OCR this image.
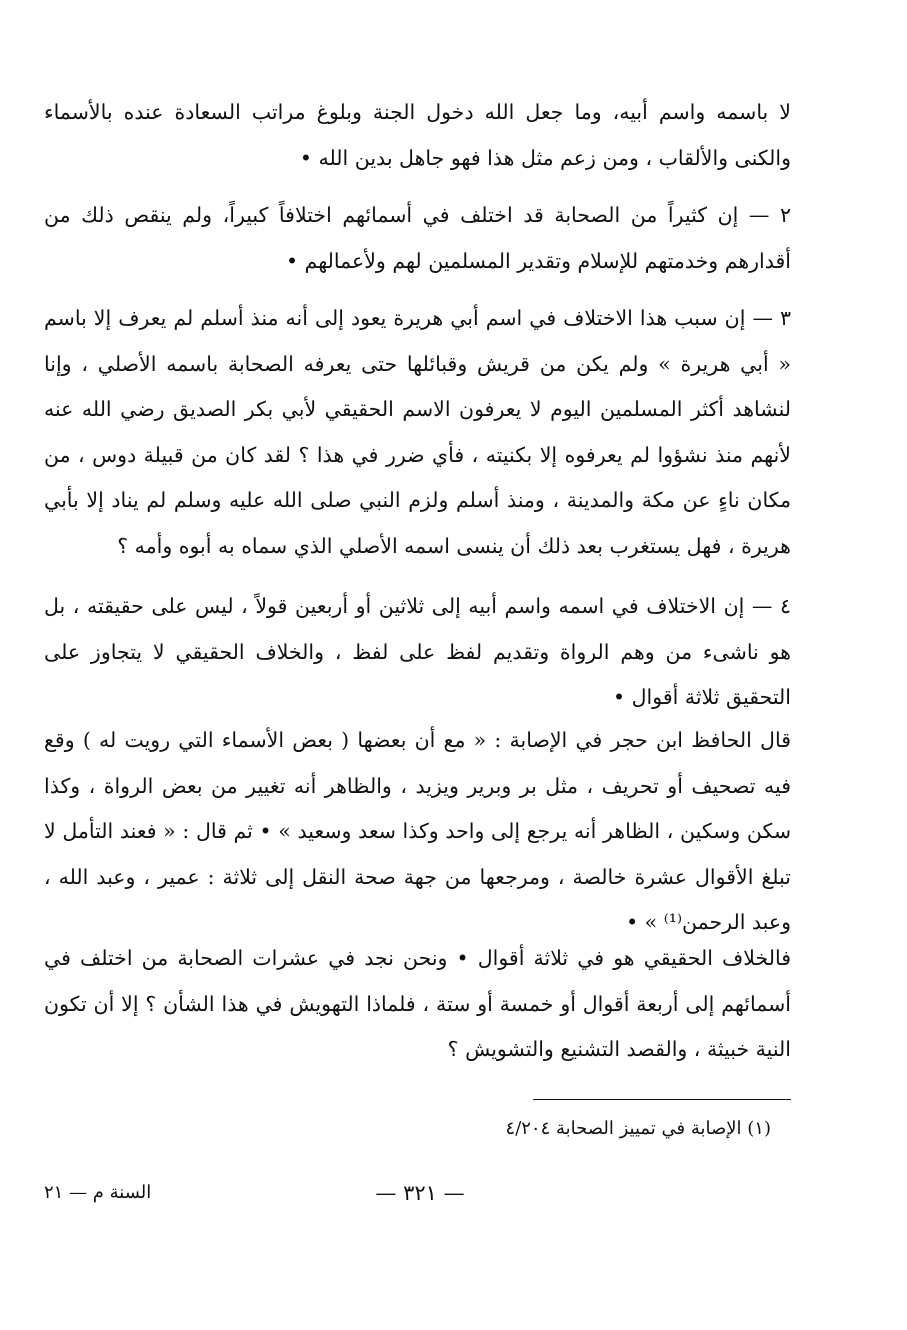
لا باسمه واسم أبيه، وما جعل الله دخول الجنة وبلوغ مراتب السعادة عنده بالأسماء والكنى والألقاب ، ومن زعم مثل هذا فهو جاهل بدين الله •

٢ — إن كثيراً من الصحابة قد اختلف في أسمائهم اختلافاً كبيراً، ولم ينقص ذلك من أقدارهم وخدمتهم للإسلام وتقدير المسلمين لهم ولأعمالهم •

٣ — إن سبب هذا الاختلاف في اسم أبي هريرة يعود إلى أنه منذ أسلم لم يعرف إلا باسم « أبي هريرة » ولم يكن من قريش وقبائلها حتى يعرفه الصحابة باسمه الأصلي ، وإنا لنشاهد أكثر المسلمين اليوم لا يعرفون الاسم الحقيقي لأبي بكر الصديق رضي الله عنه لأنهم منذ نشؤوا لم يعرفوه إلا بكنيته ، فأي ضرر في هذا ؟ لقد كان من قبيلة دوس ، من مكان ناءٍ عن مكة والمدينة ، ومنذ أسلم ولزم النبي صلى الله عليه وسلم لم يناد إلا بأبي هريرة ، فهل يستغرب بعد ذلك أن ينسى اسمه الأصلي الذي سماه به أبوه وأمه ؟

٤ — إن الاختلاف في اسمه واسم أبيه إلى ثلاثين أو أربعين قولاً ، ليس على حقيقته ، بل هو ناشىء من وهم الرواة وتقديم لفظ على لفظ ، والخلاف الحقيقي لا يتجاوز على التحقيق ثلاثة أقوال •

قال الحافظ ابن حجر في الإصابة : « مع أن بعضها ( بعض الأسماء التي رويت له ) وقع فيه تصحيف أو تحريف ، مثل بر وبرير ويزيد ، والظاهر أنه تغيير من بعض الرواة ، وكذا سكن وسكين ، الظاهر أنه يرجع إلى واحد وكذا سعد وسعيد » • ثم قال : « فعند التأمل لا تبلغ الأقوال عشرة خالصة ، ومرجعها من جهة صحة النقل إلى ثلاثة : عمير ، وعبد الله ، وعبد الرحمن⁽¹⁾ » •

فالخلاف الحقيقي هو في ثلاثة أقوال • ونحن نجد في عشرات الصحابة من اختلف في أسمائهم إلى أربعة أقوال أو خمسة أو ستة ، فلماذا التهويش في هذا الشأن ؟ إلا أن تكون النية خبيثة ، والقصد التشنيع والتشويش ؟

(١) الإصابة في تمييز الصحابة ٤/٢٠٤
— ٣٢١ —
السنة م — ٢١
